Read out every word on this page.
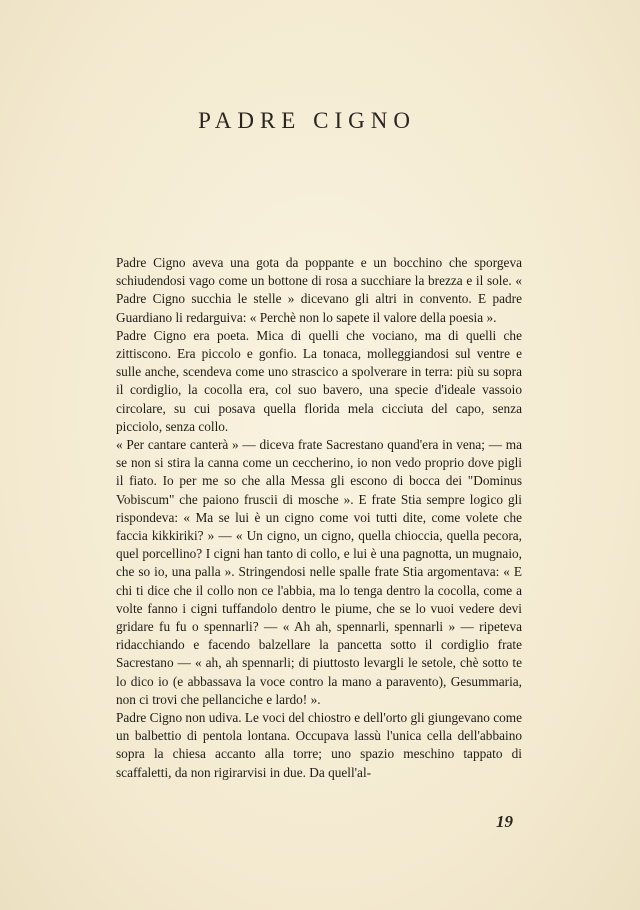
PADRE CIGNO

Padre Cigno aveva una gota da poppante e un bocchino che sporgeva schiudendosi vago come un bottone di rosa a succhiare la brezza e il sole. « Padre Cigno succhia le stelle » dicevano gli altri in convento. E padre Guardiano li redarguiva: « Perchè non lo sapete il valore della poesia ».

Padre Cigno era poeta. Mica di quelli che vociano, ma di quelli che zittiscono. Era piccolo e gonfio. La tonaca, molleggiandosi sul ventre e sulle anche, scendeva come uno strascico a spolverare in terra: più su sopra il cordiglio, la cocolla era, col suo bavero, una specie d'ideale vassoio circolare, su cui posava quella florida mela cicciuta del capo, senza picciolo, senza collo.

« Per cantare canterà » — diceva frate Sacrestano quand'era in vena; — ma se non si stira la canna come un ceccherino, io non vedo proprio dove pigli il fiato. Io per me so che alla Messa gli escono di bocca dei "Dominus Vobiscum" che paiono fruscii di mosche ». E frate Stia sempre logico gli rispondeva: « Ma se lui è un cigno come voi tutti dite, come volete che faccia kikkiriki? » — « Un cigno, un cigno, quella chioccia, quella pecora, quel porcellino? I cigni han tanto di collo, e lui è una pagnotta, un mugnaio, che so io, una palla ». Stringendosi nelle spalle frate Stia argomentava: « E chi ti dice che il collo non ce l'abbia, ma lo tenga dentro la cocolla, come a volte fanno i cigni tuffandolo dentro le piume, che se lo vuoi vedere devi gridare fu fu o spennarli? — « Ah ah, spennarli, spennarli » — ripeteva ridacchiando e facendo balzellare la pancetta sotto il cordiglio frate Sacrestano — « ah, ah spennarli; di piuttosto levargli le setole, chè sotto te lo dico io (e abbassava la voce contro la mano a paravento), Gesummaria, non ci trovi che pellanciche e lardo! ».

Padre Cigno non udiva. Le voci del chiostro e dell'orto gli giungevano come un balbettio di pentola lontana. Occupava lassù l'unica cella dell'abbaino sopra la chiesa accanto alla torre; uno spazio meschino tappato di scaffaletti, da non rigirarvisi in due. Da quell'al-

19
